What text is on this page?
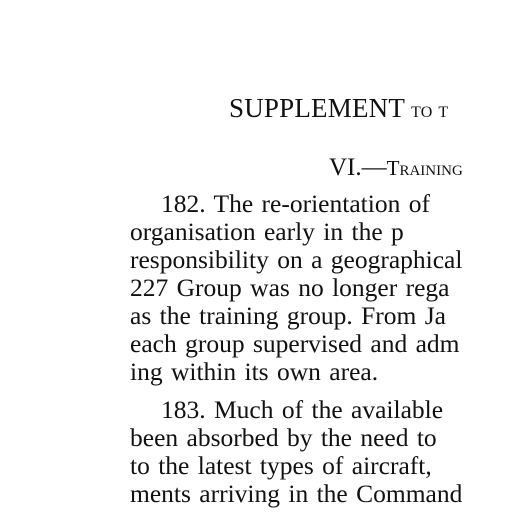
SUPPLEMENT to t
VI.—Training
182. The re-orientation of
organisation early in the p
responsibility on a geographical
227 Group was no longer rega
as the training group. From Ja
each group supervised and adm
ing within its own area.
183. Much of the available
been absorbed by the need to
to the latest types of aircraft,
ments arriving in the Command
